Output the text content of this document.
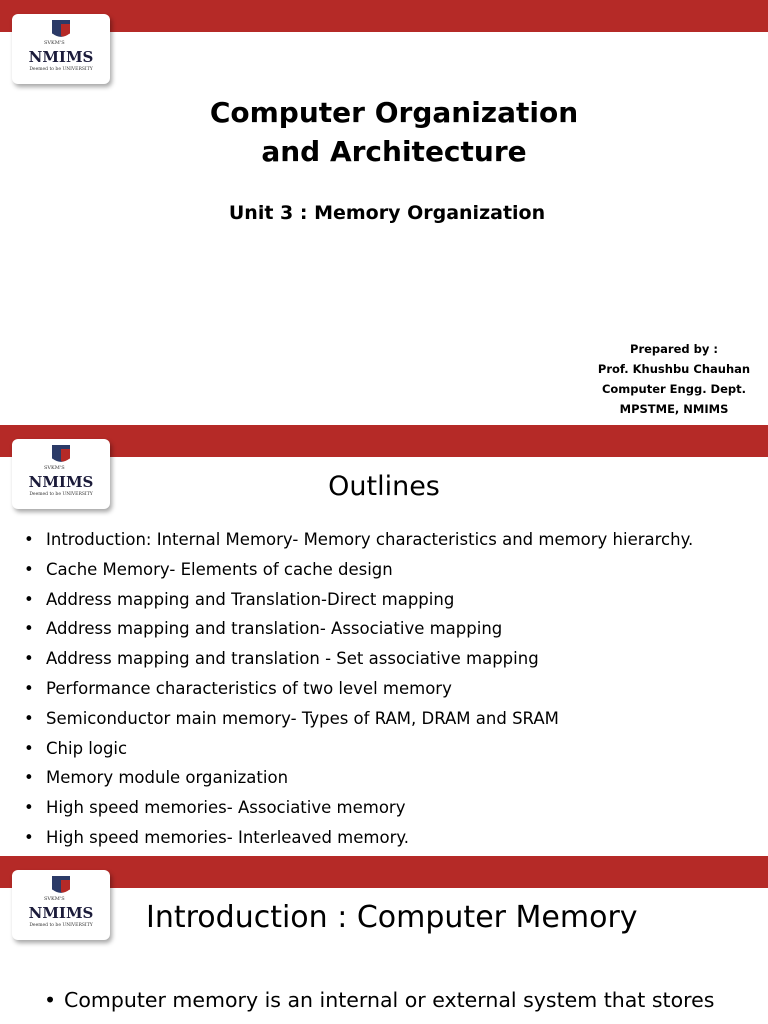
SVKM'S
NMIMS
Deemed to be UNIVERSITY
Computer Organization
and Architecture
Unit 3 : Memory Organization
Prepared by :
Prof. Khushbu Chauhan
Computer Engg. Dept.
MPSTME, NMIMS
SVKM'S
NMIMS
Deemed to be UNIVERSITY	Outlines
• Introduction: Internal Memory- Memory characteristics and memory hierarchy.
• Cache Memory- Elements of cache design
• Address mapping and Translation-Direct mapping
• Address mapping and translation- Associative mapping
• Address mapping and translation - Set associative mapping
• Performance characteristics of two level memory
• Semiconductor main memory- Types of RAM, DRAM and SRAM
• Chip logic
• Memory module organization
• High speed memories- Associative memory
• High speed memories- Interleaved memory.
SVKM'S
NMIMS
Deemed to be UNIVERSITY Introduction : Computer Memory
• Computer memory is an internal or external system that stores
